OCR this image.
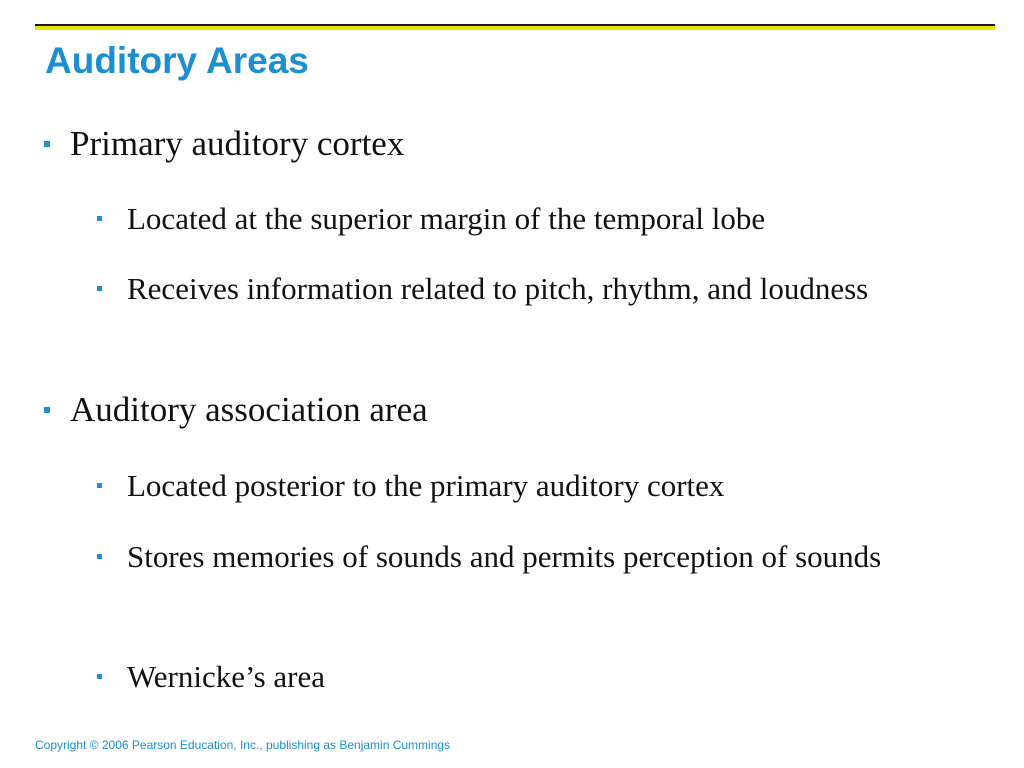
Auditory Areas
Primary auditory cortex
Located at the superior margin of the temporal lobe
Receives information related to pitch, rhythm, and loudness
Auditory association area
Located posterior to the primary auditory cortex
Stores memories of sounds and permits perception of sounds
Wernicke’s area
Copyright © 2006 Pearson Education, Inc., publishing as Benjamin Cummings
